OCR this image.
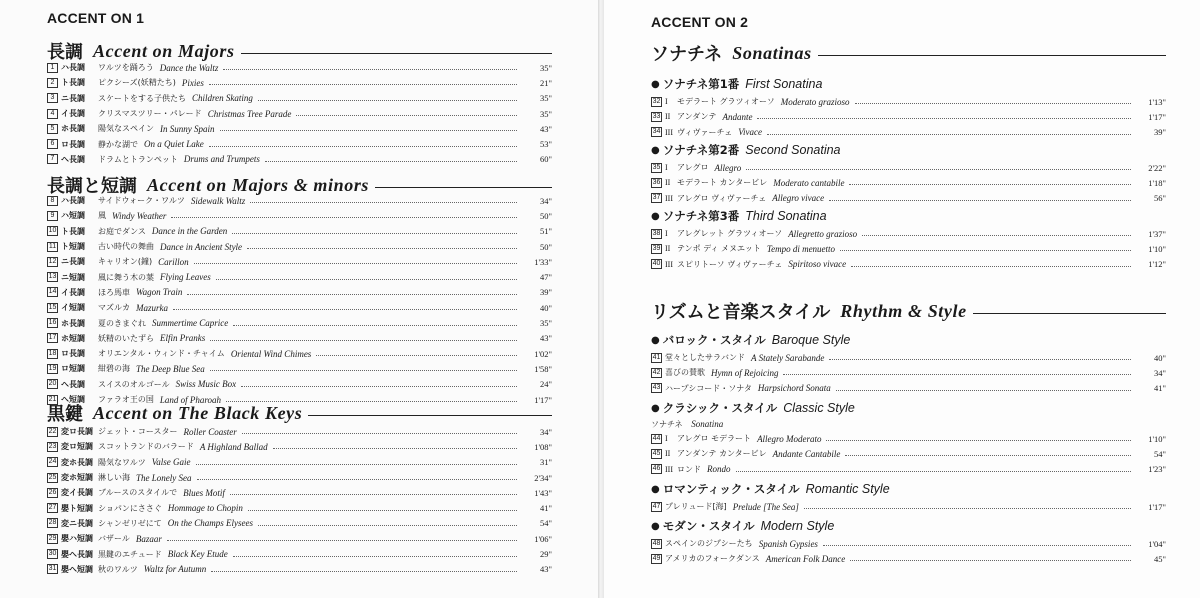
ACCENT ON 1
長調 Accent on Majors
1 ハ長調	ワルツを踊ろう Dance the Waltz	35"
2 ト長調	ピクシーズ(妖精たち) Pixies	21"
3 ニ長調	スケートをする子供たち Children Skating	35"
4 イ長調	クリスマスツリー・パレード Christmas Tree Parade	35"
5 ホ長調	陽気なスペイン In Sunny Spain	43"
6 ロ長調	静かな湖で On a Quiet Lake	53"
7 ヘ長調	ドラムとトランペット Drums and Trumpets	60"
長調と短調 Accent on Majors & minors
8 ハ長調	サイドウォーク・ワルツ Sidewalk Waltz	34"
9 ハ短調	風 Windy Weather	50"
10 ト長調	お庭でダンス Dance in the Garden	51"
11 ト短調	古い時代の舞曲 Dance in Ancient Style	50"
12 ニ長調	キャリオン(鐘) Carillon	1'33"
13 ニ短調	風に舞う木の葉 Flying Leaves	47"
14 イ長調	ほろ馬車 Wagon Train	39"
15 イ短調	マズルカ Mazurka	40"
16 ホ長調	夏のきまぐれ Summertime Caprice	35"
17 ホ短調	妖精のいたずら Elfin Pranks	43"
18 ロ長調	オリエンタル・ウィンド・チャイム Oriental Wind Chimes	1'02"
19 ロ短調	紺碧の海 The Deep Blue Sea	1'58"
20 ヘ長調	スイスのオルゴール Swiss Music Box	24"
21 ヘ短調	ファラオ王の国 Land of Pharoah	1'17"
黒鍵 Accent on The Black Keys
22 変ロ長調 ジェット・コースター Roller Coaster	34"
23 変ロ短調 スコットランドのバラード A Highland Ballad	1'08"
24 変ホ長調 陽気なワルツ Valse Gaie	31"
25 変ホ短調 淋しい海 The Lonely Sea	2'34"
26 変イ長調 ブルースのスタイルで Blues Motif	1'43"
27 嬰ト短調 ショパンにささぐ Hommage to Chopin	41"
28 変ニ長調 シャンゼリゼにて On the Champs Elysees	54"
29 嬰ハ短調 バザール Bazaar	1'06"
30 嬰ヘ長調 黒鍵のエチュード Black Key Etude	29"
31 嬰ヘ短調 秋のワルツ Waltz for Autumn	43"
ACCENT ON 2
ソナチネ Sonatinas
● ソナチネ第1番 First Sonatina
32 I	モデラート グラツィオーソ Moderato grazioso	1'13"
33 II アンダンテ Andante	1'17"
34 III ヴィヴァーチェ Vivace	39"
● ソナチネ第2番 Second Sonatina
35 I	アレグロ Allegro	2'22"
36 II モデラート カンタービレ Moderato cantabile	1'18"
37 III アレグロ ヴィヴァーチェ Allegro vivace	56"
● ソナチネ第3番 Third Sonatina
38 I	アレグレット グラツィオーソ Allegretto grazioso	1'37"
39 II テンポ ディ メヌエット Tempo di menuetto	1'10"
40 III スピリトーソ ヴィヴァーチェ Spiritoso vivace	1'12"
リズムと音楽スタイル Rhythm & Style
● バロック・スタイル Baroque Style
41 堂々としたサラバンド A Stately Sarabande	40"
42 喜びの賛歌 Hymn of Rejoicing	34"
43 ハープシコード・ソナタ Harpsichord Sonata	41"
● クラシック・スタイル Classic Style
ソナチネ Sonatina
44 I	アレグロ モデラート Allegro Moderato	1'10"
45 II アンダンテ カンタービレ Andante Cantabile	54"
46 III ロンド Rondo	1'23"
● ロマンティック・スタイル Romantic Style
47 プレリュード[海] Prelude [The Sea]	1'17"
● モダン・スタイル Modern Style
48 スペインのジプシーたち Spanish Gypsies	1'04"
49 アメリカのフォークダンス American Folk Dance	45"
